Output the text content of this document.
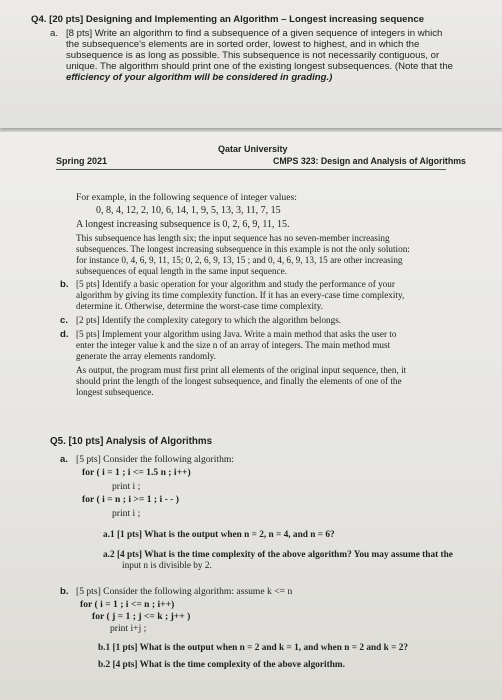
Q4. [20 pts] Designing and Implementing an Algorithm – Longest increasing sequence
a. [8 pts] Write an algorithm to find a subsequence of a given sequence of integers in which
the subsequence's elements are in sorted order, lowest to highest, and in which the
subsequence is as long as possible. This subsequence is not necessarily contiguous, or
unique. The algorithm should print one of the existing longest subsequences. (Note that the
efficiency of your algorithm will be considered in grading.)
Qatar University
Spring 2021	CMPS 323: Design and Analysis of Algorithms
For example, in the following sequence of integer values:
0, 8, 4, 12, 2, 10, 6, 14, 1, 9, 5, 13, 3, 11, 7, 15
A longest increasing subsequence is 0, 2, 6, 9, 11, 15.
This subsequence has length six; the input sequence has no seven-member increasing
subsequences. The longest increasing subsequence in this example is not the only solution:
for instance 0, 4, 6, 9, 11, 15; 0, 2, 6, 9, 13, 15 ; and 0, 4, 6, 9, 13, 15 are other increasing
subsequences of equal length in the same input sequence.
b. [5 pts] Identify a basic operation for your algorithm and study the performance of your
algorithm by giving its time complexity function. If it has an every-case time complexity,
determine it. Otherwise, determine the worst-case time complexity.
c. [2 pts] Identify the complexity category to which the algorithm belongs.
d. [5 pts] Implement your algorithm using Java. Write a main method that asks the user to
enter the integer value k and the size n of an array of integers. The main method must
generate the array elements randomly.
As output, the program must first print all elements of the original input sequence, then, it
should print the length of the longest subsequence, and finally the elements of one of the
longest subsequence.
Q5. [10 pts] Analysis of Algorithms
a. [5 pts] Consider the following algorithm:
for ( i = 1 ; i <= 1.5 n ; i++)
print i ;
for ( i = n ; i >= 1 ; i - - )
print i ;
a.1 [1 pts] What is the output when n = 2, n = 4, and n = 6?
a.2 [4 pts] What is the time complexity of the above algorithm? You may assume that the
input n is divisible by 2.
b. [5 pts] Consider the following algorithm: assume k <= n
for ( i = 1 ; i <= n ; i++)
for ( j = 1 ; j <= k ; j++ )
print i+j ;
b.1 [1 pts] What is the output when n = 2 and k = 1, and when n = 2 and k = 2?
b.2 [4 pts] What is the time complexity of the above algorithm.
